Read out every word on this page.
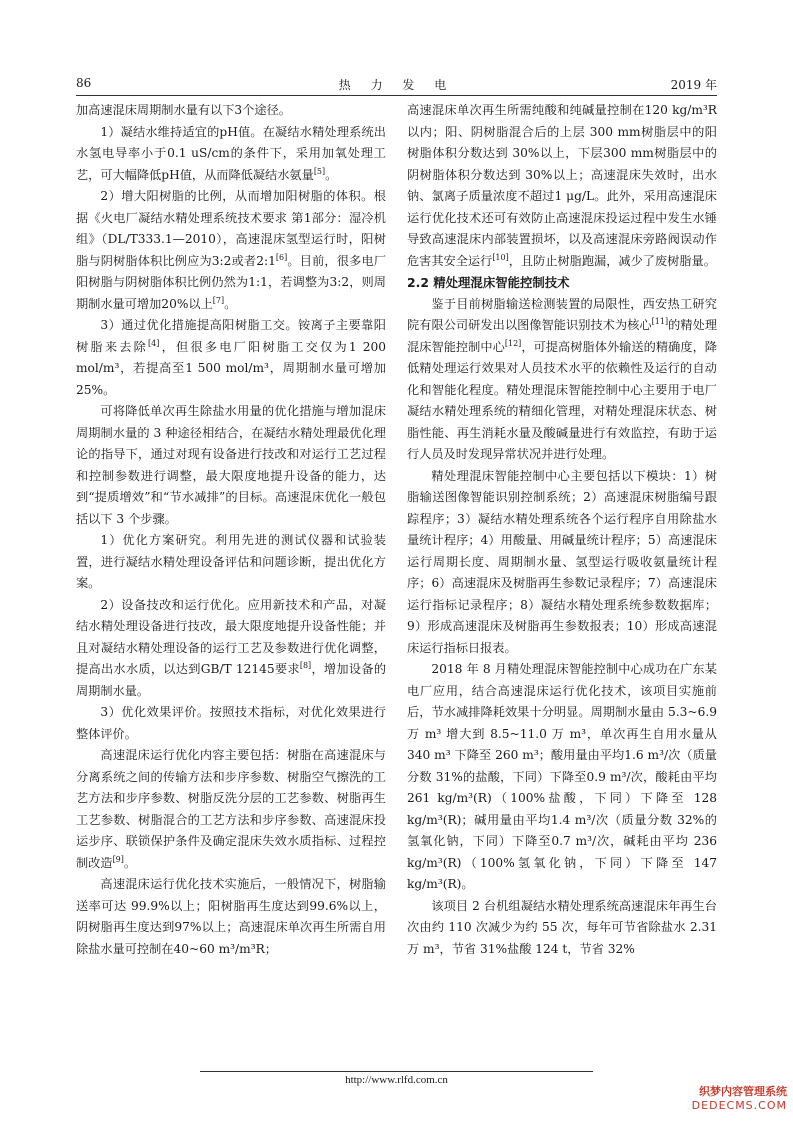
86	热 力 发 电	2019 年

加高速混床周期制水量有以下3个途径。

1）凝结水维持适宜的pH值。在凝结水精处理系统出水氢电导率小于0.1 uS/cm的条件下，采用加氧处理工艺，可大幅降低pH值，从而降低凝结水氨量[5]。

2）增大阳树脂的比例，从而增加阳树脂的体积。根据《火电厂凝结水精处理系统技术要求 第1部分：湿冷机组》（DL/T333.1—2010），高速混床氢型运行时，阳树脂与阴树脂体积比例应为3:2或者2:1[6]。目前，很多电厂阳树脂与阴树脂体积比例仍然为1:1，若调整为3:2，则周期制水量可增加20%以上[7]。

3）通过优化措施提高阳树脂工交。铵离子主要靠阳树脂来去除[4]，但很多电厂阳树脂工交仅为1 200 mol/m³，若提高至1 500 mol/m³，周期制水量可增加25%。

可将降低单次再生除盐水用量的优化措施与增加混床周期制水量的 3 种途径相结合，在凝结水精处理最优化理论的指导下，通过对现有设备进行技改和对运行工艺过程和控制参数进行调整，最大限度地提升设备的能力，达到“提质增效”和“节水减排”的目标。高速混床优化一般包括以下 3 个步骤。

1）优化方案研究。利用先进的测试仪器和试验装置，进行凝结水精处理设备评估和问题诊断，提出优化方案。

2）设备技改和运行优化。应用新技术和产品，对凝结水精处理设备进行技改，最大限度地提升设备性能；并且对凝结水精处理设备的运行工艺及参数进行优化调整，提高出水水质，以达到GB/T 12145要求[8]，增加设备的周期制水量。

3）优化效果评价。按照技术指标，对优化效果进行整体评价。

高速混床运行优化内容主要包括：树脂在高速混床与分离系统之间的传输方法和步序参数、树脂空气擦洗的工艺方法和步序参数、树脂反洗分层的工艺参数、树脂再生工艺参数、树脂混合的工艺方法和步序参数、高速混床投运步序、联锁保护条件及确定混床失效水质指标、过程控制改造[9]。

高速混床运行优化技术实施后，一般情况下，树脂输送率可达 99.9%以上；阳树脂再生度达到99.6%以上，阴树脂再生度达到97%以上；高速混床单次再生所需自用除盐水量可控制在40~60 m³/m³R；

高速混床单次再生所需纯酸和纯碱量控制在120 kg/m³R 以内；阳、阴树脂混合后的上层 300 mm树脂层中的阳树脂体积分数达到 30%以上，下层300 mm树脂层中的阴树脂体积分数达到 30%以上；高速混床失效时，出水钠、氯离子质量浓度不超过1 μg/L。此外，采用高速混床运行优化技术还可有效防止高速混床投运过程中发生水锤导致高速混床内部装置损坏，以及高速混床旁路阀误动作危害其安全运行[10]，且防止树脂跑漏，减少了废树脂量。

2.2 精处理混床智能控制技术

鉴于目前树脂输送检测装置的局限性，西安热工研究院有限公司研发出以图像智能识别技术为核心[11]的精处理混床智能控制中心[12]，可提高树脂体外输送的精确度，降低精处理运行效果对人员技术水平的依赖性及运行的自动化和智能化程度。精处理混床智能控制中心主要用于电厂凝结水精处理系统的精细化管理，对精处理混床状态、树脂性能、再生消耗水量及酸碱量进行有效监控，有助于运行人员及时发现异常状况并进行处理。

精处理混床智能控制中心主要包括以下模块：1）树脂输送图像智能识别控制系统；2）高速混床树脂编号跟踪程序；3）凝结水精处理系统各个运行程序自用除盐水量统计程序；4）用酸量、用碱量统计程序；5）高速混床运行周期长度、周期制水量、氢型运行吸收氨量统计程序；6）高速混床及树脂再生参数记录程序；7）高速混床运行指标记录程序；8）凝结水精处理系统参数数据库；9）形成高速混床及树脂再生参数报表；10）形成高速混床运行指标日报表。

2018 年 8 月精处理混床智能控制中心成功在广东某电厂应用，结合高速混床运行优化技术，该项目实施前后，节水减排降耗效果十分明显。周期制水量由 5.3~6.9 万 m³ 增大到 8.5~11.0 万 m³，单次再生自用水量从 340 m³ 下降至 260 m³；酸用量由平均1.6 m³/次（质量分数 31%的盐酸，下同）下降至0.9 m³/次，酸耗由平均 261 kg/m³(R)（100%盐酸，下同）下降至 128 kg/m³(R)；碱用量由平均1.4 m³/次（质量分数 32%的氢氧化钠，下同）下降至0.7 m³/次，碱耗由平均 236 kg/m³(R)（100%氢氧化钠，下同）下降至 147 kg/m³(R)。

该项目 2 台机组凝结水精处理系统高速混床年再生台次由约 110 次减少为约 55 次，每年可节省除盐水 2.31 万 m³，节省 31%盐酸 124 t，节省 32%

http://www.rlfd.com.cn
织梦内容管理系统
DEDECMS.COM
